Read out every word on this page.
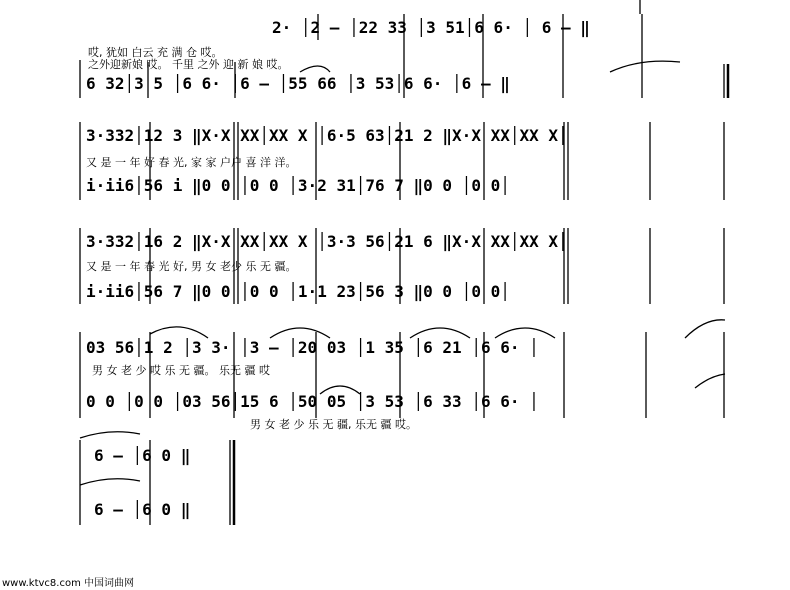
2· │2 – │22 33 │3 51│6 6· │ 6 – ‖
哎, 犹如 白云 充 满 仓 哎。
之外迎新娘 哎。 千里 之外 迎 新 娘 哎。
6 32│3 5 │6 6· │6 – │55 66 │3 53│6 6· │6 – ‖
3·332│12 3 ‖X·X XX│XX X │6·5 63│21 2 ‖X·X XX│XX X│
又 是 一 年 好 春 光, 家 家 户户 喜 洋 洋。
i·ii6│56 i ‖0 0 │0 0 │3·2 31│76 7 ‖0 0 │0 0│
3·332│16 2 ‖X·X XX│XX X │3·3 56│21 6 ‖X·X XX│XX X│
又 是 一 年 春 光 好, 男 女 老少 乐 无 疆。
i·ii6│56 7 ‖0 0 │0 0 │1·1 23│56 3 ‖0 0 │0 0│
03 56│1 2 │3 3· │3 – │20 03 │1 35 │6 21 │6 6· │
男 女 老 少 哎 乐 无 疆。 乐无 疆 哎
0 0 │0 0 │03 56│15 6 │50 05 │3 53 │6 33 │6 6· │
男 女 老 少 乐 无 疆, 乐无 疆 哎。
6 – │6 0 ‖
6 – │6 0 ‖
www.ktvc8.com 中国词曲网
